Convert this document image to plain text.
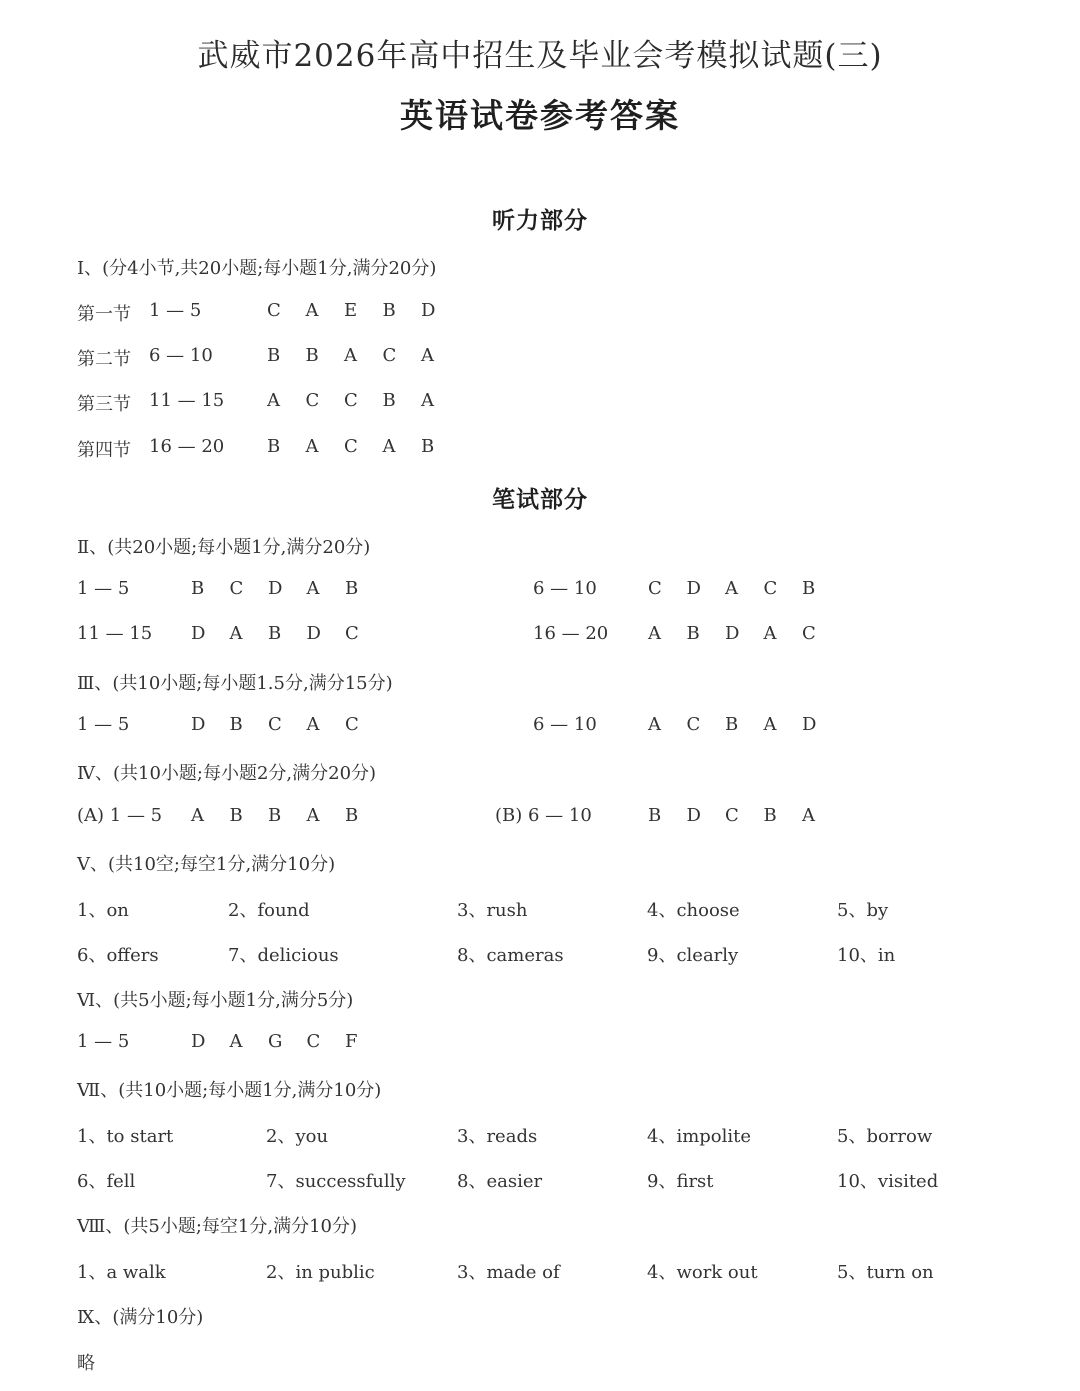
武威市2026年高中招生及毕业会考模拟试题(三)
英语试卷参考答案
听力部分
Ⅰ、(分4小节,共20小题;每小题1分,满分20分)
第一节 1 — 5	C A E B D
第二节 6 — 10	B B A C A
第三节 11 — 15 A C C B A
第四节 16 — 20 B A C A B
笔试部分
Ⅱ、(共20小题;每小题1分,满分20分)
1 — 5	B C D A B	6 — 10	C D A C B
11 — 15 D A B D C	16 — 20 A B D A C
Ⅲ、(共10小题;每小题1.5分,满分15分)
1 — 5	D B C A C	6 — 10	A C B A D
Ⅳ、(共10小题;每小题2分,满分20分)
(A) 1 — 5 A B B A B	(B) 6 — 10	B D C B A
Ⅴ、(共10空;每空1分,满分10分)
1、on	2、found	3、rush	4、choose	5、by
6、offers	7、delicious	8、cameras	9、clearly	10、in
Ⅵ、(共5小题;每小题1分,满分5分)
1 — 5	D A G C F
Ⅶ、(共10小题;每小题1分,满分10分)
1、to start	2、you	3、reads	4、impolite	5、borrow
6、fell	7、successfully	8、easier	9、first	10、visited
Ⅷ、(共5小题;每空1分,满分10分)
1、a walk	2、in public	3、made of	4、work out	5、turn on
Ⅸ、(满分10分)
略
